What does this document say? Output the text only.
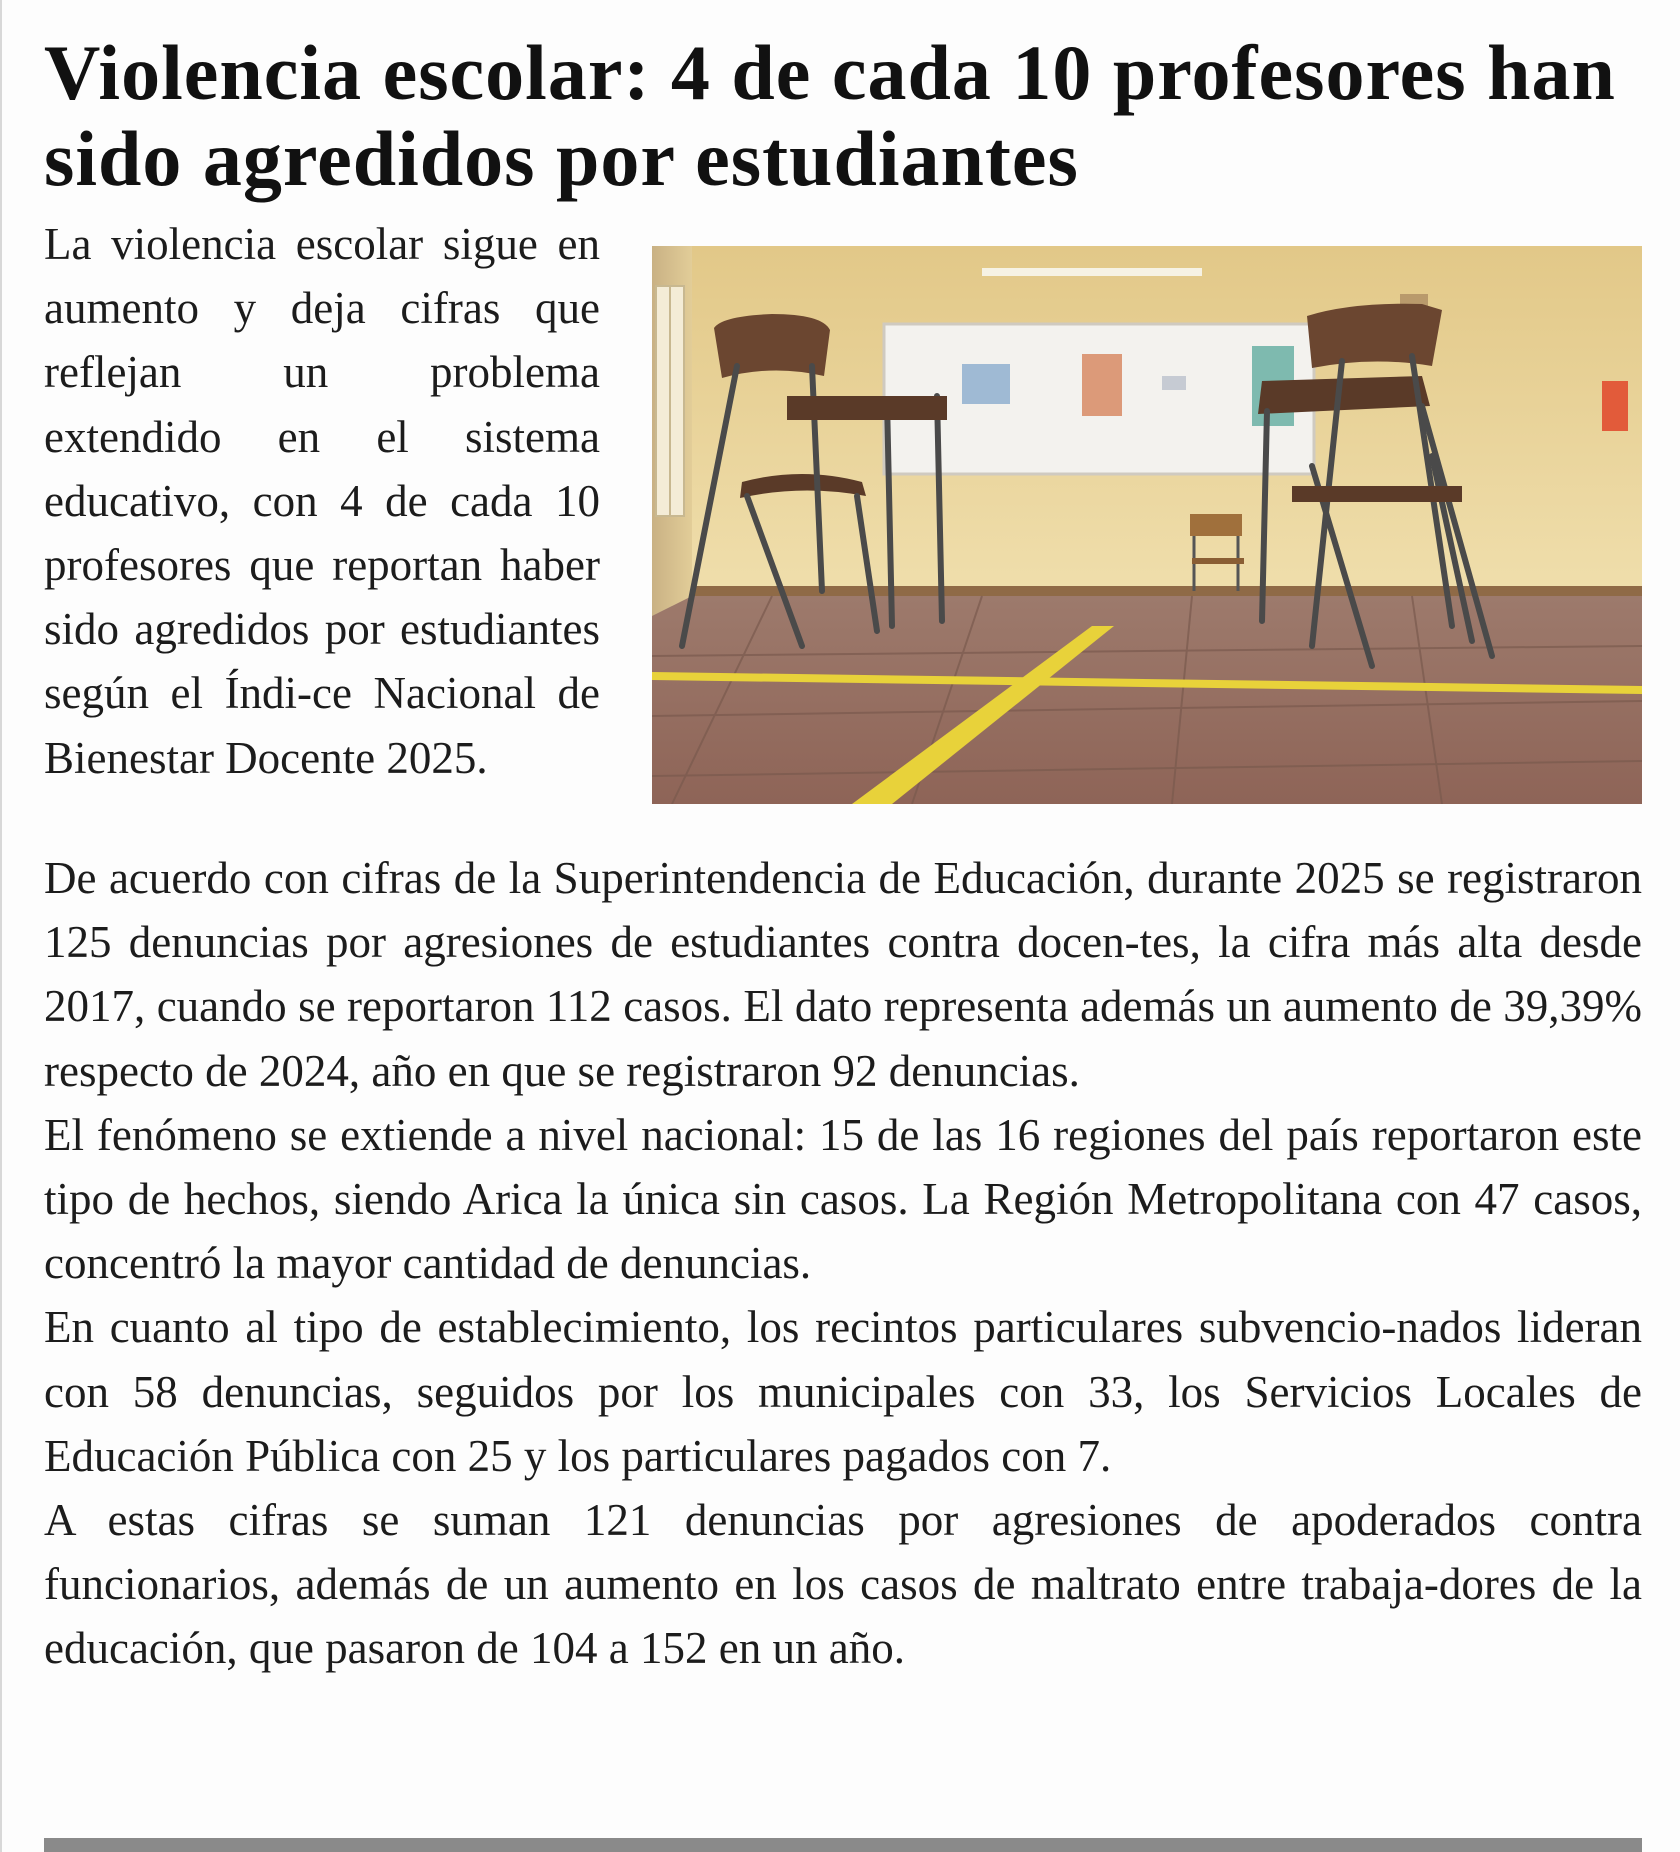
Violencia escolar: 4 de cada 10 profesores han sido agredidos por estudiantes

La violencia escolar sigue en aumento y deja cifras que reflejan un problema extendido en el sistema educativo, con 4 de cada 10 profesores que reportan haber sido agredidos por estudiantes según el Índi-ce Nacional de Bienestar Docente 2025.

De acuerdo con cifras de la Superintendencia de Educación, durante 2025 se registraron 125 denuncias por agresiones de estudiantes contra docen-tes, la cifra más alta desde 2017, cuando se reportaron 112 casos. El dato representa además un aumento de 39,39% respecto de 2024, año en que se registraron 92 denuncias.

El fenómeno se extiende a nivel nacional: 15 de las 16 regiones del país reportaron este tipo de hechos, siendo Arica la única sin casos. La Región Metropolitana con 47 casos, concentró la mayor cantidad de denuncias.

En cuanto al tipo de establecimiento, los recintos particulares subvencio-nados lideran con 58 denuncias, seguidos por los municipales con 33, los Servicios Locales de Educación Pública con 25 y los particulares pagados con 7.

A estas cifras se suman 121 denuncias por agresiones de apoderados contra funcionarios, además de un aumento en los casos de maltrato entre trabaja-dores de la educación, que pasaron de 104 a 152 en un año.
